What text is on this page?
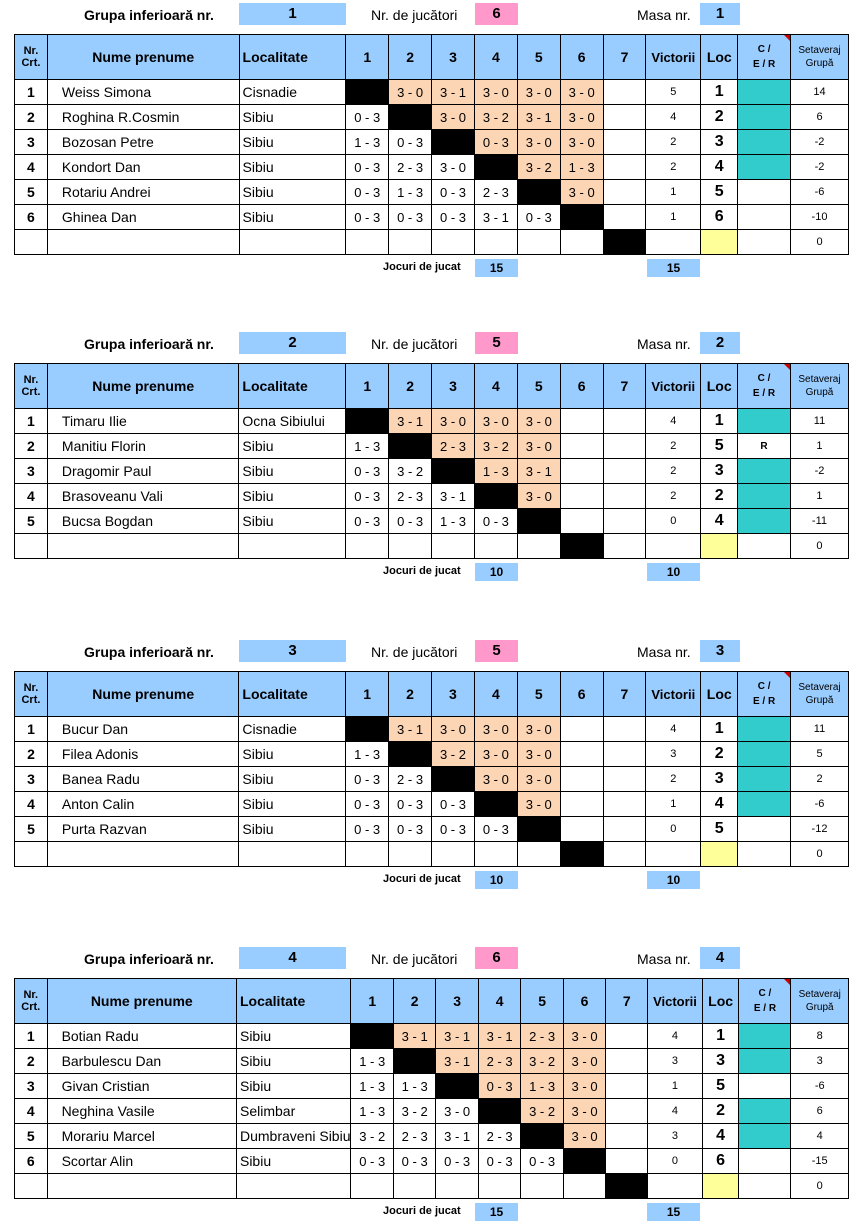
Grupa inferioară nr.	1	Nr. de jucători	6	Masa nr.	1
Nr.
Crt.	Nume prenume	Localitate	1	2	3	4	5	6	7	Victorii	Loc	C /
E / R	Setaveraj
Grupă
1	Weiss Simona	Cisnadie		3 - 0	3 - 1	3 - 0	3 - 0	3 - 0		5	1		14
2	Roghina R.Cosmin	Sibiu	0 - 3		3 - 0	3 - 2	3 - 1	3 - 0		4	2		6
3	Bozosan Petre	Sibiu	1 - 3	0 - 3		0 - 3	3 - 0	3 - 0		2	3		-2
4	Kondort Dan	Sibiu	0 - 3	2 - 3	3 - 0		3 - 2	1 - 3		2	4		-2
5	Rotariu Andrei	Sibiu	0 - 3	1 - 3	0 - 3	2 - 3		3 - 0		1	5		-6
6	Ghinea Dan	Sibiu	0 - 3	0 - 3	0 - 3	3 - 1	0 - 3			1	6		-10
													0
Jocuri de jucat	15	15
Grupa inferioară nr.	2	Nr. de jucători	5	Masa nr.	2
Nr.
Crt.	Nume prenume	Localitate	1	2	3	4	5	6	7	Victorii	Loc	C /
E / R	Setaveraj
Grupă
1	Timaru Ilie	Ocna Sibiului		3 - 1	3 - 0	3 - 0	3 - 0			4	1		11
2	Manitiu Florin	Sibiu	1 - 3		2 - 3	3 - 2	3 - 0			2	5	R	1
3	Dragomir Paul	Sibiu	0 - 3	3 - 2		1 - 3	3 - 1			2	3		-2
4	Brasoveanu Vali	Sibiu	0 - 3	2 - 3	3 - 1		3 - 0			2	2		1
5	Bucsa Bogdan	Sibiu	0 - 3	0 - 3	1 - 3	0 - 3				0	4		-11
													0
Jocuri de jucat	10	10
Grupa inferioară nr.	3	Nr. de jucători	5	Masa nr.	3
Nr.
Crt.	Nume prenume	Localitate	1	2	3	4	5	6	7	Victorii	Loc	C /
E / R	Setaveraj
Grupă
1	Bucur Dan	Cisnadie		3 - 1	3 - 0	3 - 0	3 - 0			4	1		11
2	Filea Adonis	Sibiu	1 - 3		3 - 2	3 - 0	3 - 0			3	2		5
3	Banea Radu	Sibiu	0 - 3	2 - 3		3 - 0	3 - 0			2	3		2
4	Anton Calin	Sibiu	0 - 3	0 - 3	0 - 3		3 - 0			1	4		-6
5	Purta Razvan	Sibiu	0 - 3	0 - 3	0 - 3	0 - 3				0	5		-12
													0
Jocuri de jucat	10	10
Grupa inferioară nr.	4	Nr. de jucători	6	Masa nr.	4
Nr.
Crt.	Nume prenume	Localitate	1	2	3	4	5	6	7	Victorii	Loc	C /
E / R	Setaveraj
Grupă
1	Botian Radu	Sibiu		3 - 1	3 - 1	3 - 1	2 - 3	3 - 0		4	1		8
2	Barbulescu Dan	Sibiu	1 - 3		3 - 1	2 - 3	3 - 2	3 - 0		3	3		3
3	Givan Cristian	Sibiu	1 - 3	1 - 3		0 - 3	1 - 3	3 - 0		1	5		-6
4	Neghina Vasile	Selimbar	1 - 3	3 - 2	3 - 0		3 - 2	3 - 0		4	2		6
5	Morariu Marcel	Dumbraveni Sibiu	3 - 2	2 - 3	3 - 1	2 - 3		3 - 0		3	4		4
6	Scortar Alin	Sibiu	0 - 3	0 - 3	0 - 3	0 - 3	0 - 3			0	6		-15
													0
Jocuri de jucat	15	15
